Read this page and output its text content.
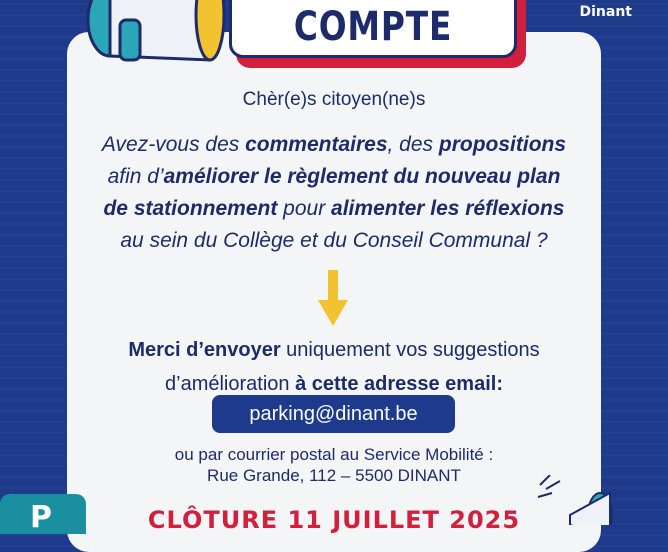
COMPTE	Dinant
Chèr(e)s citoyen(ne)s
Avez-vous des commentaires, des propositions
afin d’améliorer le règlement du nouveau plan
de stationnement pour alimenter les réflexions
au sein du Collège et du Conseil Communal ?
Merci d’envoyer uniquement vos suggestions
d’amélioration à cette adresse email:
parking@dinant.be
ou par courrier postal au Service Mobilité :
Rue Grande, 112 – 5500 DINANT
CLÔTURE 11 JUILLET 2025
P
